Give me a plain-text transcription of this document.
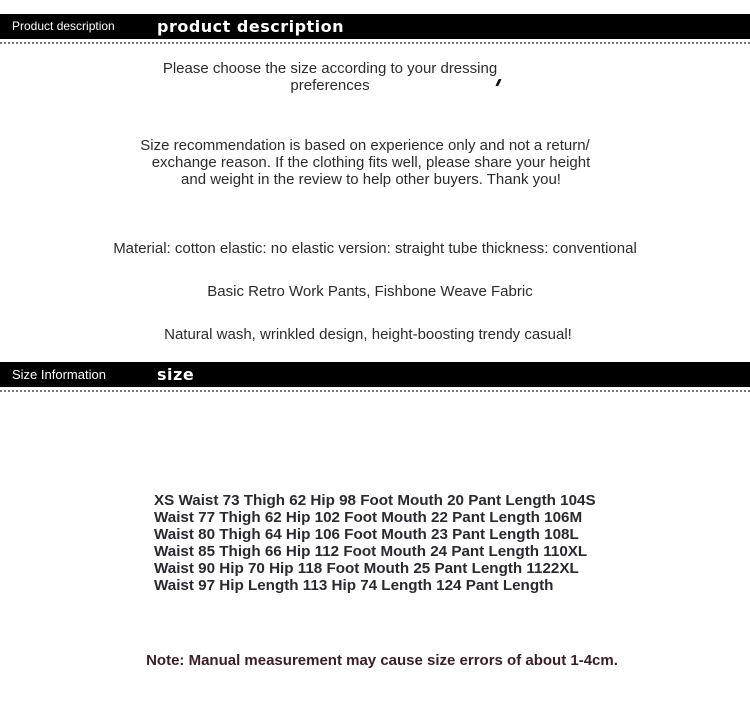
Product description	product description
Please choose the size according to your dressing
preferences
Size recommendation is based on experience only and not a return/
exchange reason. If the clothing fits well, please share your height
and weight in the review to help other buyers. Thank you!
Material: cotton elastic: no elastic version: straight tube thickness: conventional
Basic Retro Work Pants, Fishbone Weave Fabric
Natural wash, wrinkled design, height-boosting trendy casual!
Size Information	size
XS Waist 73 Thigh 62 Hip 98 Foot Mouth 20 Pant Length 104S
Waist 77 Thigh 62 Hip 102 Foot Mouth 22 Pant Length 106M
Waist 80 Thigh 64 Hip 106 Foot Mouth 23 Pant Length 108L
Waist 85 Thigh 66 Hip 112 Foot Mouth 24 Pant Length 110XL
Waist 90 Hip 70 Hip 118 Foot Mouth 25 Pant Length 1122XL
Waist 97 Hip Length 113 Hip 74 Length 124 Pant Length
Note: Manual measurement may cause size errors of about 1-4cm.
